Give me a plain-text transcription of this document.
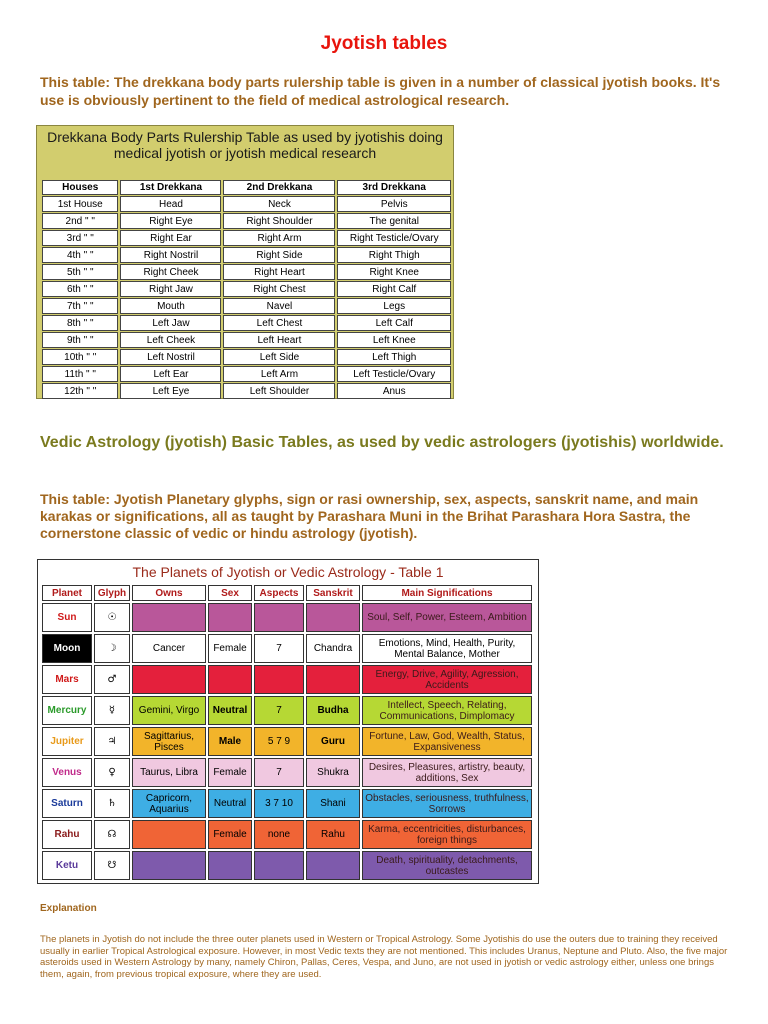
Jyotish tables
This table: The drekkana body parts rulership table is given in a number of classical jyotish books. It's use is obviously pertinent to the field of medical astrological research.
Drekkana Body Parts Rulership Table as used by jyotishis doing medical jyotish or jyotish medical research
Houses	1st Drekkana	2nd Drekkana	3rd Drekkana
1st House	Head	Neck	Pelvis
2nd " "	Right Eye	Right Shoulder	The genital
3rd " "	Right Ear	Right Arm	Right Testicle/Ovary
4th " "	Right Nostril	Right Side	Right Thigh
5th " "	Right Cheek	Right Heart	Right Knee
6th " "	Right Jaw	Right Chest	Right Calf
7th " "	Mouth	Navel	Legs
8th " "	Left Jaw	Left Chest	Left Calf
9th " "	Left Cheek	Left Heart	Left Knee
10th " "	Left Nostril	Left Side	Left Thigh
11th " "	Left Ear	Left Arm	Left Testicle/Ovary
12th " "	Left Eye	Left Shoulder	Anus
Vedic Astrology (jyotish) Basic Tables, as used by vedic astrologers (jyotishis) worldwide.
This table: Jyotish Planetary glyphs, sign or rasi ownership, sex, aspects, sanskrit name, and main karakas or significations, all as taught by Parashara Muni in the Brihat Parashara Hora Sastra, the cornerstone classic of vedic or hindu astrology (jyotish).
The Planets of Jyotish or Vedic Astrology - Table 1
Planet	Glyph	Owns	Sex	Aspects	Sanskrit	Main Significations
Sun	☉					Soul, Self, Power, Esteem, Ambition
Moon	☽	Cancer	Female	7	Chandra	Emotions, Mind, Health, Purity, Mental Balance, Mother
Mars	♂					Energy, Drive, Agility, Agression, Accidents
Mercury	☿	Gemini, Virgo	Neutral	7	Budha	Intellect, Speech, Relating, Communications, Dimplomacy
Jupiter	♃	Sagittarius, Pisces	Male	5 7 9	Guru	Fortune, Law, God, Wealth, Status, Expansiveness
Venus	♀	Taurus, Libra	Female	7	Shukra	Desires, Pleasures, artistry, beauty, additions, Sex
Saturn	♄	Capricorn, Aquarius	Neutral	3 7 10	Shani	Obstacles, seriousness, truthfulness, Sorrows
Rahu	☊		Female	none	Rahu	Karma, eccentricities, disturbances, foreign things
Ketu	☋					Death, spirituality, detachments, outcastes
Explanation
The planets in Jyotish do not include the three outer planets used in Western or Tropical Astrology. Some Jyotishis do use the outers due to training they received usually in earlier Tropical Astrological exposure. However, in most Vedic texts they are not mentioned. This includes Uranus, Neptune and Pluto. Also, the five major asteroids used in Western Astrology by many, namely Chiron, Pallas, Ceres, Vespa, and Juno, are not used in jyotish or vedic astrology either, unless one brings them, again, from previous tropical exposure, where they are used.
